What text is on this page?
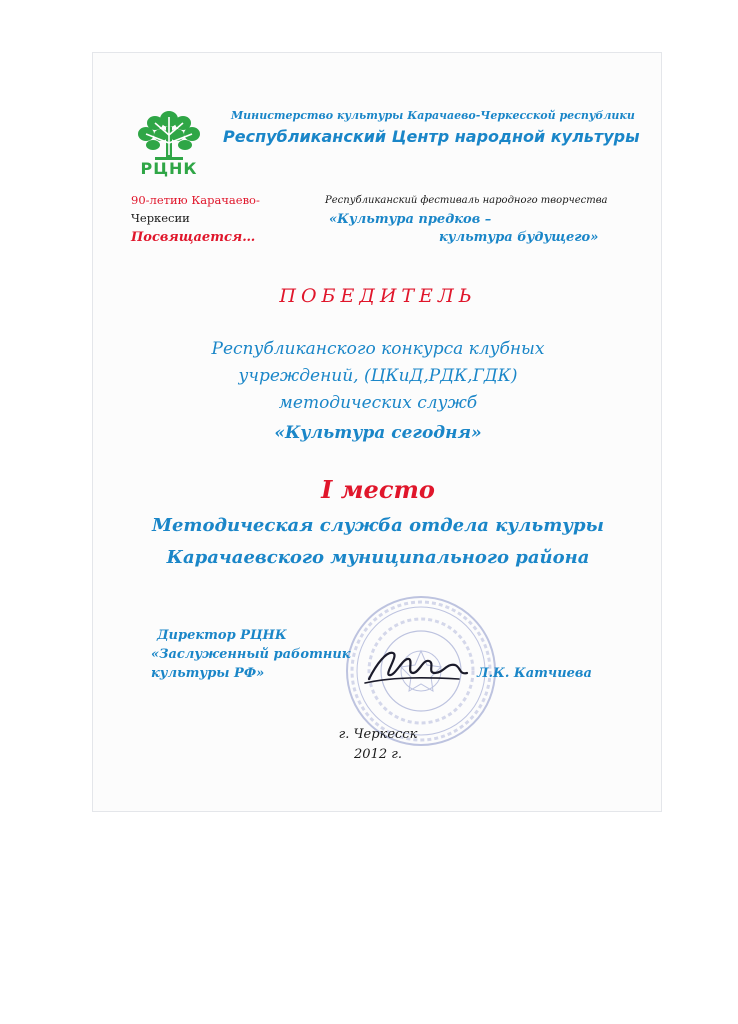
РЦНК

Министерство культуры Карачаево-Черкесской республики

Республиканский Центр народной культуры

90-летию Карачаево-

Черкесии

Посвящается…

Республиканский фестиваль народного творчества

«Культура предков –

культура будущего»

ПОБЕДИТЕЛЬ

Республиканского конкурса клубных

учреждений, (ЦКиД,РДК,ГДК)

методических служб

«Культура сегодня»

I место

Методическая служба отдела культуры

Карачаевского муниципального района

Директор РЦНК

«Заслуженный работник

культуры РФ»	Л.К. Катчиева

г. Черкесск

2012 г.
